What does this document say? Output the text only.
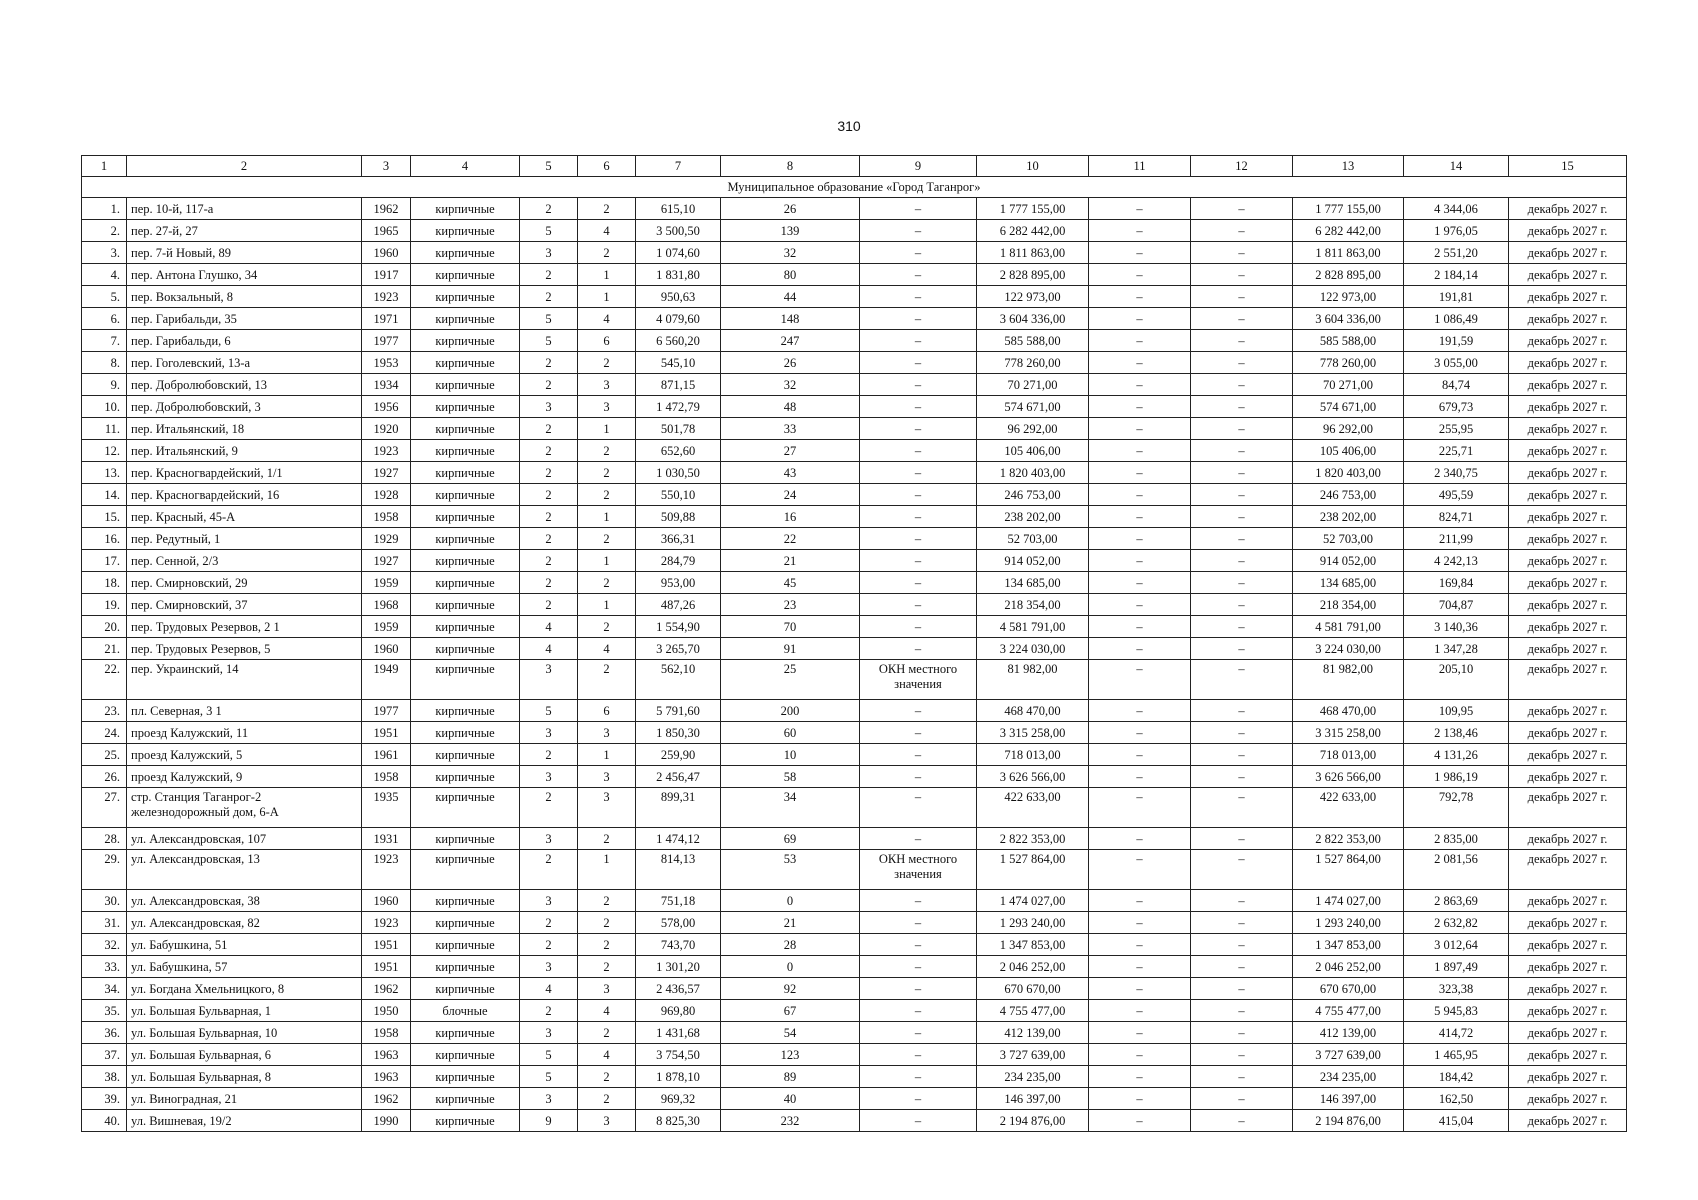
310
1	2	3	4	5	6	7	8	9	10	11	12	13	14	15
Муниципальное образование «Город Таганрог»														
1.	пер. 10-й, 117-а	1962	кирпичные	2	2	615,10	26	–	1 777 155,00	–	–	1 777 155,00	4 344,06	декабрь 2027 г.
2.	пер. 27-й, 27	1965	кирпичные	5	4	3 500,50	139	–	6 282 442,00	–	–	6 282 442,00	1 976,05	декабрь 2027 г.
3.	пер. 7-й Новый, 89	1960	кирпичные	3	2	1 074,60	32	–	1 811 863,00	–	–	1 811 863,00	2 551,20	декабрь 2027 г.
4.	пер. Антона Глушко, 34	1917	кирпичные	2	1	1 831,80	80	–	2 828 895,00	–	–	2 828 895,00	2 184,14	декабрь 2027 г.
5.	пер. Вокзальный, 8	1923	кирпичные	2	1	950,63	44	–	122 973,00	–	–	122 973,00	191,81	декабрь 2027 г.
6.	пер. Гарибальди, 35	1971	кирпичные	5	4	4 079,60	148	–	3 604 336,00	–	–	3 604 336,00	1 086,49	декабрь 2027 г.
7.	пер. Гарибальди, 6	1977	кирпичные	5	6	6 560,20	247	–	585 588,00	–	–	585 588,00	191,59	декабрь 2027 г.
8.	пер. Гоголевский, 13-а	1953	кирпичные	2	2	545,10	26	–	778 260,00	–	–	778 260,00	3 055,00	декабрь 2027 г.
9.	пер. Добролюбовский, 13	1934	кирпичные	2	3	871,15	32	–	70 271,00	–	–	70 271,00	84,74	декабрь 2027 г.
10.	пер. Добролюбовский, 3	1956	кирпичные	3	3	1 472,79	48	–	574 671,00	–	–	574 671,00	679,73	декабрь 2027 г.
11.	пер. Итальянский, 18	1920	кирпичные	2	1	501,78	33	–	96 292,00	–	–	96 292,00	255,95	декабрь 2027 г.
12.	пер. Итальянский, 9	1923	кирпичные	2	2	652,60	27	–	105 406,00	–	–	105 406,00	225,71	декабрь 2027 г.
13.	пер. Красногвардейский, 1/1	1927	кирпичные	2	2	1 030,50	43	–	1 820 403,00	–	–	1 820 403,00	2 340,75	декабрь 2027 г.
14.	пер. Красногвардейский, 16	1928	кирпичные	2	2	550,10	24	–	246 753,00	–	–	246 753,00	495,59	декабрь 2027 г.
15.	пер. Красный, 45-А	1958	кирпичные	2	1	509,88	16	–	238 202,00	–	–	238 202,00	824,71	декабрь 2027 г.
16.	пер. Редутный, 1	1929	кирпичные	2	2	366,31	22	–	52 703,00	–	–	52 703,00	211,99	декабрь 2027 г.
17.	пер. Сенной, 2/3	1927	кирпичные	2	1	284,79	21	–	914 052,00	–	–	914 052,00	4 242,13	декабрь 2027 г.
18.	пер. Смирновский, 29	1959	кирпичные	2	2	953,00	45	–	134 685,00	–	–	134 685,00	169,84	декабрь 2027 г.
19.	пер. Смирновский, 37	1968	кирпичные	2	1	487,26	23	–	218 354,00	–	–	218 354,00	704,87	декабрь 2027 г.
20.	пер. Трудовых Резервов, 2 1	1959	кирпичные	4	2	1 554,90	70	–	4 581 791,00	–	–	4 581 791,00	3 140,36	декабрь 2027 г.
21.	пер. Трудовых Резервов, 5	1960	кирпичные	4	4	3 265,70	91	–	3 224 030,00	–	–	3 224 030,00	1 347,28	декабрь 2027 г.
22.	пер. Украинский, 14	1949	кирпичные	3	2	562,10	25	ОКН местного значения	81 982,00	–	–	81 982,00	205,10	декабрь 2027 г.
23.	пл. Северная, 3 1	1977	кирпичные	5	6	5 791,60	200	–	468 470,00	–	–	468 470,00	109,95	декабрь 2027 г.
24.	проезд Калужский, 11	1951	кирпичные	3	3	1 850,30	60	–	3 315 258,00	–	–	3 315 258,00	2 138,46	декабрь 2027 г.
25.	проезд Калужский, 5	1961	кирпичные	2	1	259,90	10	–	718 013,00	–	–	718 013,00	4 131,26	декабрь 2027 г.
26.	проезд Калужский, 9	1958	кирпичные	3	3	2 456,47	58	–	3 626 566,00	–	–	3 626 566,00	1 986,19	декабрь 2027 г.
27.	стр. Станция Таганрог-2 железнодорожный дом, 6-А	1935	кирпичные	2	3	899,31	34	–	422 633,00	–	–	422 633,00	792,78	декабрь 2027 г.
28.	ул. Александровская, 107	1931	кирпичные	3	2	1 474,12	69	–	2 822 353,00	–	–	2 822 353,00	2 835,00	декабрь 2027 г.
29.	ул. Александровская, 13	1923	кирпичные	2	1	814,13	53	ОКН местного значения	1 527 864,00	–	–	1 527 864,00	2 081,56	декабрь 2027 г.
30.	ул. Александровская, 38	1960	кирпичные	3	2	751,18	0	–	1 474 027,00	–	–	1 474 027,00	2 863,69	декабрь 2027 г.
31.	ул. Александровская, 82	1923	кирпичные	2	2	578,00	21	–	1 293 240,00	–	–	1 293 240,00	2 632,82	декабрь 2027 г.
32.	ул. Бабушкина, 51	1951	кирпичные	2	2	743,70	28	–	1 347 853,00	–	–	1 347 853,00	3 012,64	декабрь 2027 г.
33.	ул. Бабушкина, 57	1951	кирпичные	3	2	1 301,20	0	–	2 046 252,00	–	–	2 046 252,00	1 897,49	декабрь 2027 г.
34.	ул. Богдана Хмельницкого, 8	1962	кирпичные	4	3	2 436,57	92	–	670 670,00	–	–	670 670,00	323,38	декабрь 2027 г.
35.	ул. Большая Бульварная, 1	1950	блочные	2	4	969,80	67	–	4 755 477,00	–	–	4 755 477,00	5 945,83	декабрь 2027 г.
36.	ул. Большая Бульварная, 10	1958	кирпичные	3	2	1 431,68	54	–	412 139,00	–	–	412 139,00	414,72	декабрь 2027 г.
37.	ул. Большая Бульварная, 6	1963	кирпичные	5	4	3 754,50	123	–	3 727 639,00	–	–	3 727 639,00	1 465,95	декабрь 2027 г.
38.	ул. Большая Бульварная, 8	1963	кирпичные	5	2	1 878,10	89	–	234 235,00	–	–	234 235,00	184,42	декабрь 2027 г.
39.	ул. Виноградная, 21	1962	кирпичные	3	2	969,32	40	–	146 397,00	–	–	146 397,00	162,50	декабрь 2027 г.
40.	ул. Вишневая, 19/2	1990	кирпичные	9	3	8 825,30	232	–	2 194 876,00	–	–	2 194 876,00	415,04	декабрь 2027 г.
